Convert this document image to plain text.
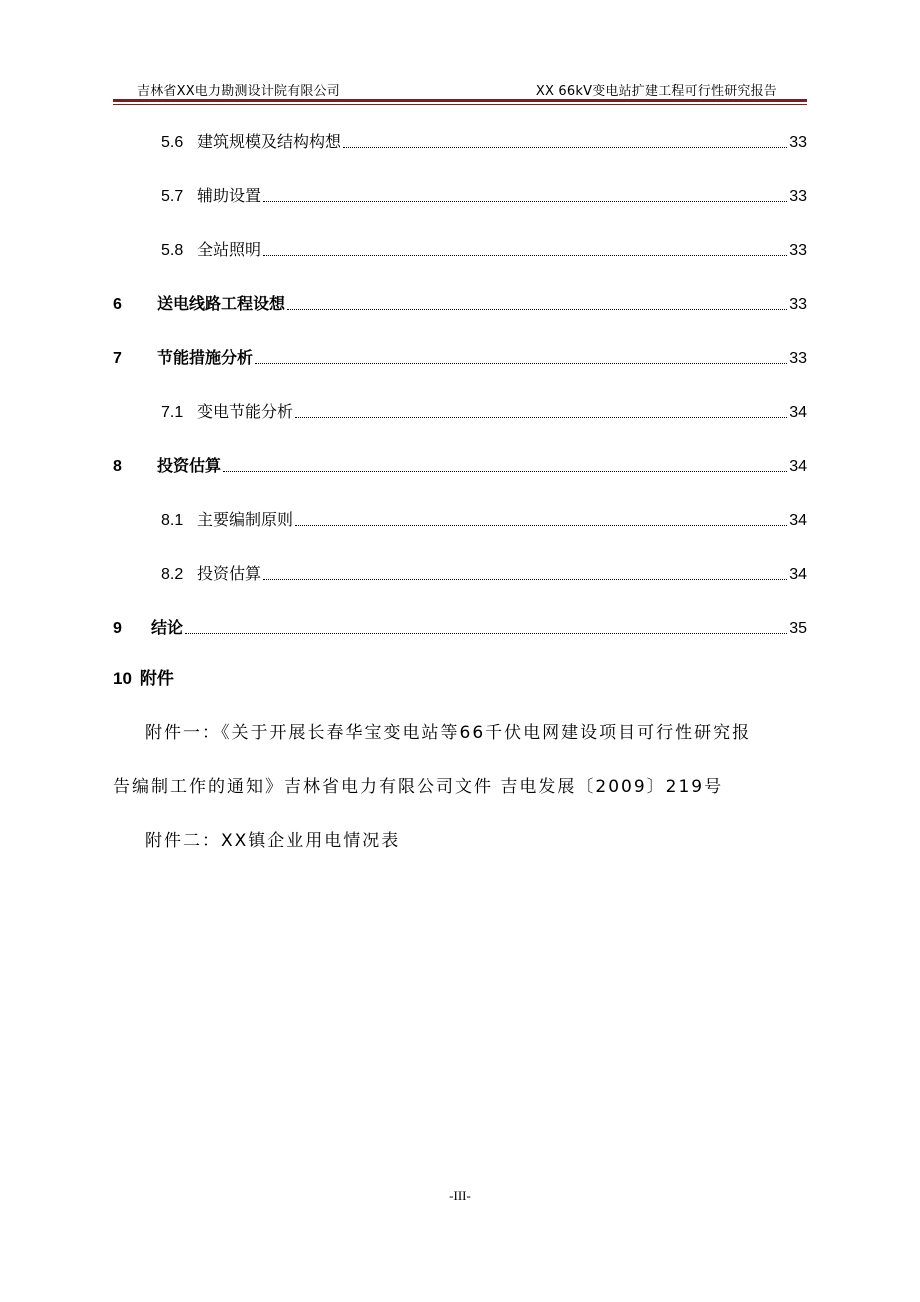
吉林省XX电力勘测设计院有限公司	XX 66kV变电站扩建工程可行性研究报告
5.6 建筑规模及结构构想	33
5.7 辅助设置	33
5.8 全站照明	33
6	送电线路工程设想	33
7	节能措施分析	33
7.1 变电节能分析	34
8	投资估算	34
8.1 主要编制原则	34
8.2 投资估算	34
9	结论	35
10 附件
附件一：《关于开展长春华宝变电站等66千伏电网建设项目可行性研究报
告编制工作的通知》吉林省电力有限公司文件 吉电发展〔2009〕219号
附件二：XX镇企业用电情况表
-III-
